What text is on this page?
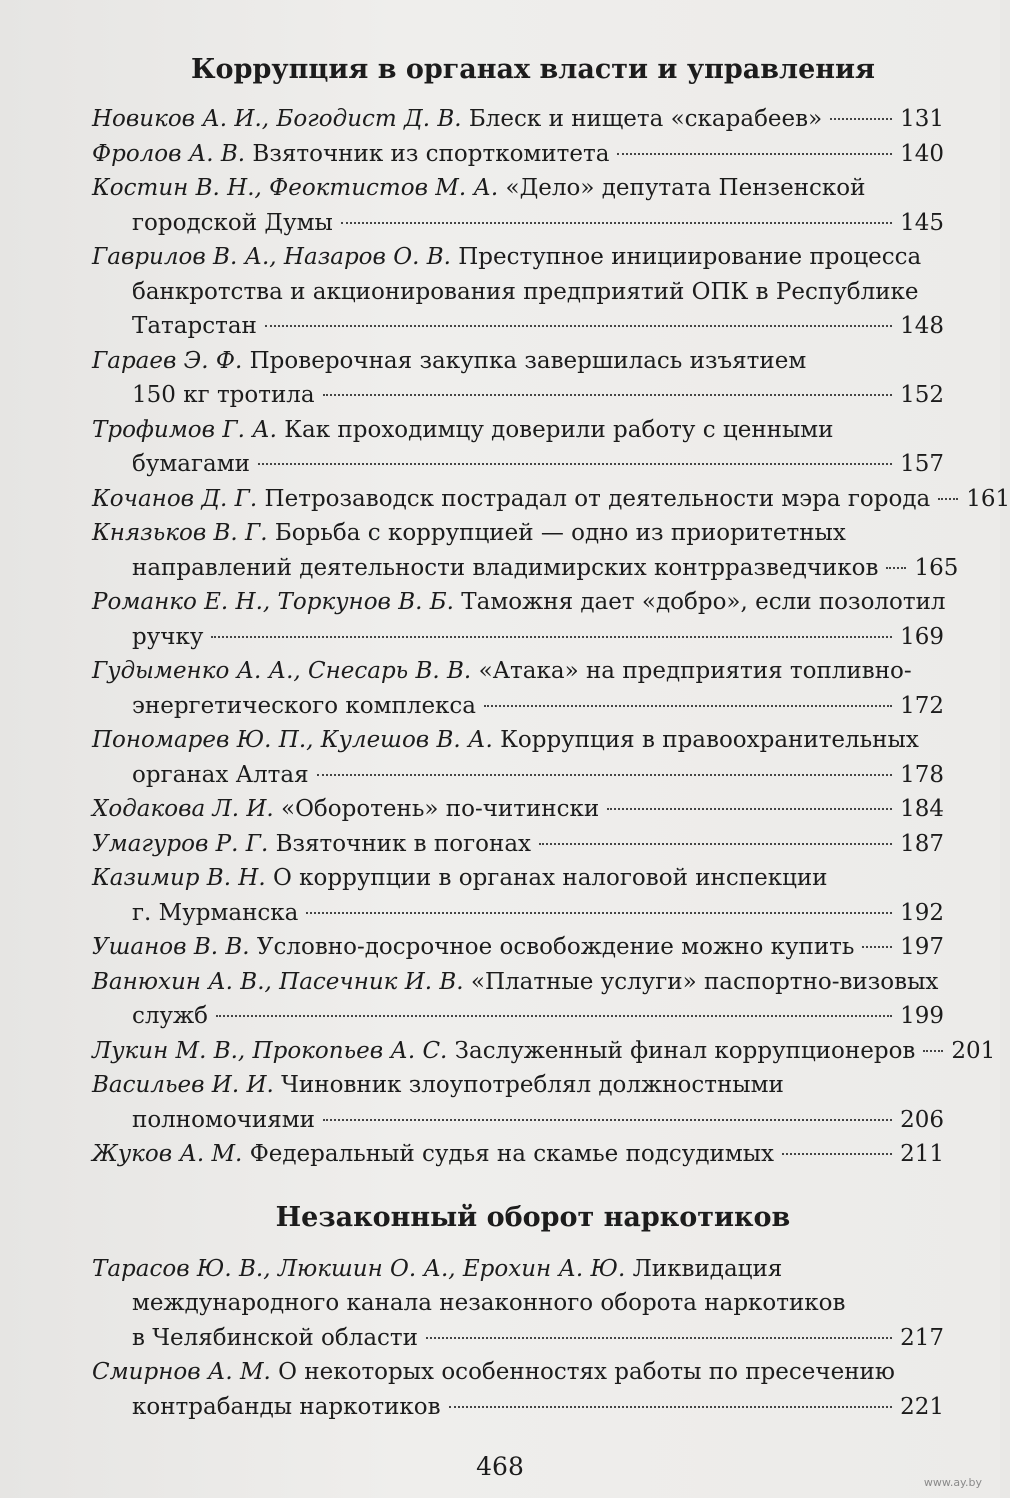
Коррупция в органах власти и управления
Новиков А. И., Богодист Д. В. Блеск и нищета «скарабеев»	131
Фролов А. В. Взяточник из спорткомитета	140
Костин В. Н., Феоктистов М. А. «Дело» депутата Пензенской
городской Думы	145
Гаврилов В. А., Назаров О. В. Преступное инициирование процесса
банкротства и акционирования предприятий ОПК в Республике
Татарстан	148
Гараев Э. Ф. Проверочная закупка завершилась изъятием
150 кг тротила	152
Трофимов Г. А. Как проходимцу доверили работу с ценными
бумагами	157
Кочанов Д. Г. Петрозаводск пострадал от деятельности мэра города 161
Князьков В. Г. Борьба с коррупцией — одно из приоритетных
направлений деятельности владимирских контрразведчиков 165
Романко Е. Н., Торкунов В. Б. Таможня дает «добро», если позолотил
ручку	169
Гудыменко А. А., Снесарь В. В. «Атака» на предприятия топливно-
энергетического комплекса	172
Пономарев Ю. П., Кулешов В. А. Коррупция в правоохранительных
органах Алтая	178
Ходакова Л. И. «Оборотень» по-читински	184
Умагуров Р. Г. Взяточник в погонах	187
Казимир В. Н. О коррупции в органах налоговой инспекции
г. Мурманска	192
Ушанов В. В. Условно-досрочное освобождение можно купить 197
Ванюхин А. В., Пасечник И. В. «Платные услуги» паспортно-визовых
служб	199
Лукин М. В., Прокопьев А. С. Заслуженный финал коррупционеров 201
Васильев И. И. Чиновник злоупотреблял должностными
полномочиями	206
Жуков А. М. Федеральный судья на скамье подсудимых	211
Незаконный оборот наркотиков
Тарасов Ю. В., Люкшин О. А., Ерохин А. Ю. Ликвидация
международного канала незаконного оборота наркотиков
в Челябинской области	217
Смирнов А. М. О некоторых особенностях работы по пресечению
контрабанды наркотиков	221
468
www.ay.by
